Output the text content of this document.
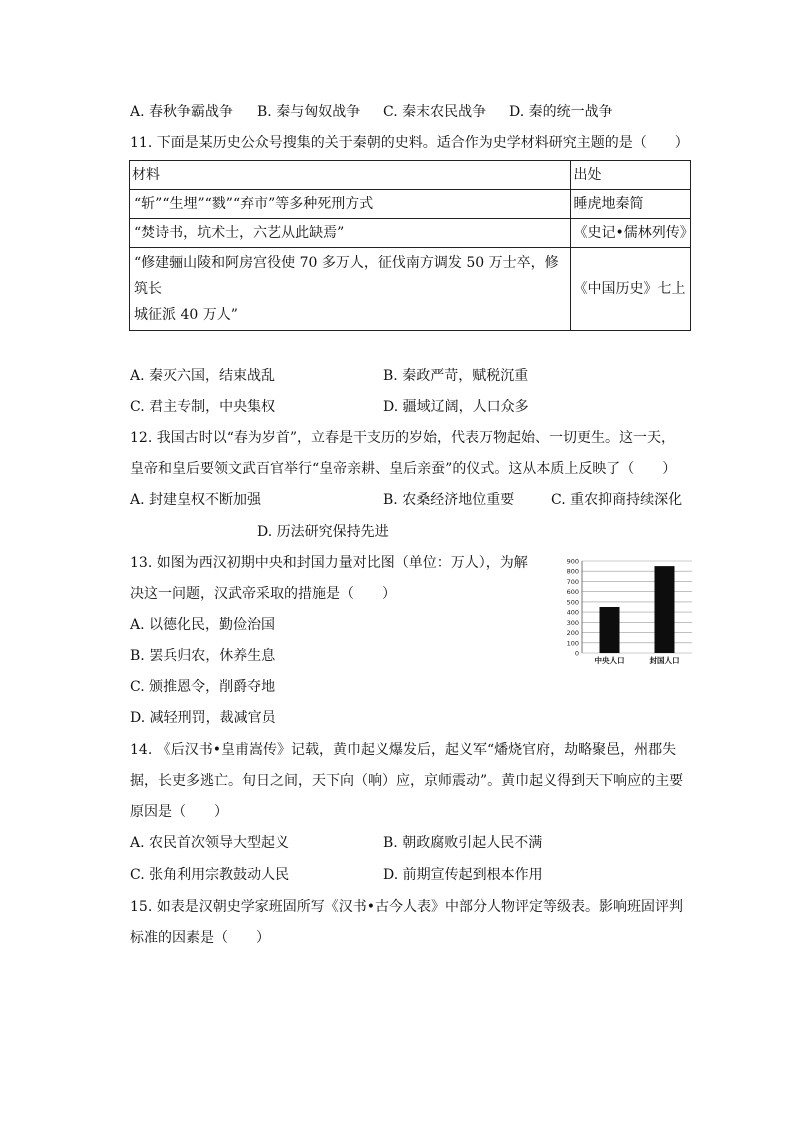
A. 春秋争霸战争 B. 秦与匈奴战争 C. 秦末农民战争 D. 秦的统一战争
11. 下面是某历史公众号搜集的关于秦朝的史料。适合作为史学材料研究主题的是（　　）
材料	出处
“斩”“生埋”“戮”“弃市”等多种死刑方式	睡虎地秦简
“焚诗书，坑术士，六艺从此缺焉”	《史记•儒林列传》

“修建骊山陵和阿房宫役使 70 多万人，征伐南方调发 50 万士卒，修筑长
城征派 40 万人”	《中国历史》七上
A. 秦灭六国，结束战乱	B. 秦政严苛，赋税沉重
C. 君主专制，中央集权	D. 疆域辽阔，人口众多
12. 我国古时以“春为岁首”，立春是干支历的岁始，代表万物起始、一切更生。这一天，
皇帝和皇后要领文武百官举行“皇帝亲耕、皇后亲蚕”的仪式。这从本质上反映了（　　）
A. 封建皇权不断加强	B. 农桑经济地位重要	C. 重农抑商持续深化
D. 历法研究保持先进
13. 如图为西汉初期中央和封国力量对比图（单位：万人），为解
决这一问题，汉武帝采取的措施是（　　）
A. 以德化民，勤俭治国
B. 罢兵归农，休养生息
C. 颁推恩令，削爵夺地
D. 减轻刑罚，裁减官员
0
100
200
300
400
500
600
700
800
900
中央人口	封国人口
14. 《后汉书•皇甫嵩传》记载，黄巾起义爆发后，起义军“燔烧官府，劫略聚邑，州郡失
据，长吏多逃亡。旬日之间，天下向（响）应，京师震动”。黄巾起义得到天下响应的主要
原因是（　　）
A. 农民首次领导大型起义	B. 朝政腐败引起人民不满
C. 张角利用宗教鼓动人民	D. 前期宣传起到根本作用
15. 如表是汉朝史学家班固所写《汉书•古今人表》中部分人物评定等级表。影响班固评判
标准的因素是（　　）
